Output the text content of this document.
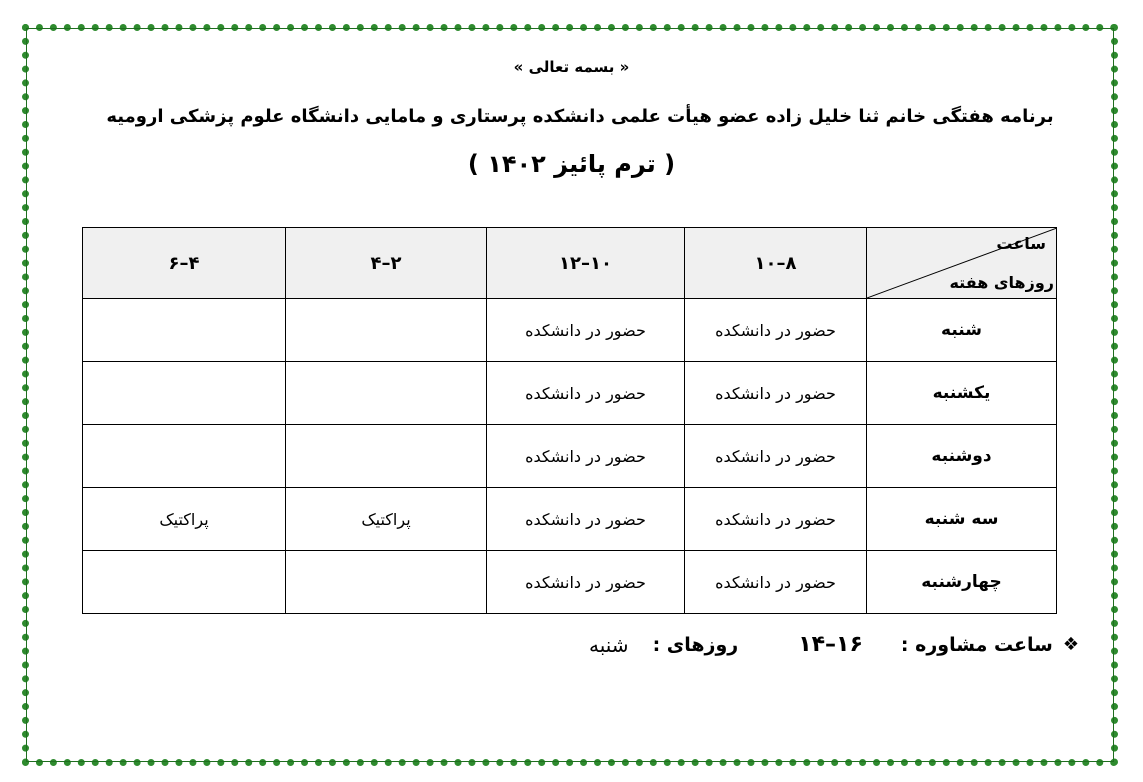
« بسمه تعالی »
برنامه هفتگی خانم ثنا خلیل زاده عضو هیأت علمی دانشکده پرستاری و مامایی دانشگاه علوم پزشکی ارومیه
( ترم پائیز ۱۴۰۲ )
ساعت
روزهای هفته	۸–۱۰	۱۰–۱۲	۲–۴	۴–۶
شنبه	حضور در دانشکده	حضور در دانشکده		
یکشنبه	حضور در دانشکده	حضور در دانشکده		
دوشنبه	حضور در دانشکده	حضور در دانشکده		
سه شنبه	حضور در دانشکده	حضور در دانشکده	پراکتیک	پراکتیک
چهارشنبه	حضور در دانشکده	حضور در دانشکده		
❖
ساعت مشاوره :
۱۴–۱۶
روزهای :
شنبه
